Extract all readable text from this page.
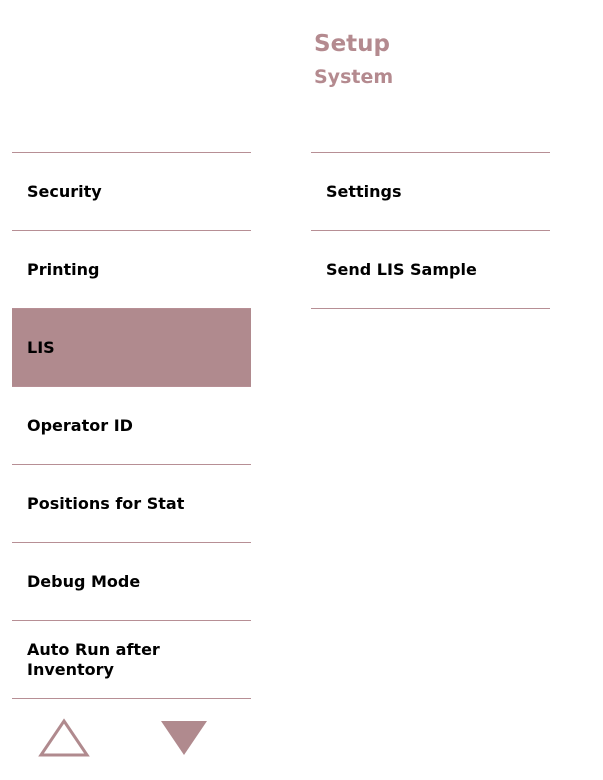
Setup
System
Security
Printing
LIS
Operator ID
Positions for Stat
Debug Mode
Auto Run after Inventory
Settings
Send LIS Sample
